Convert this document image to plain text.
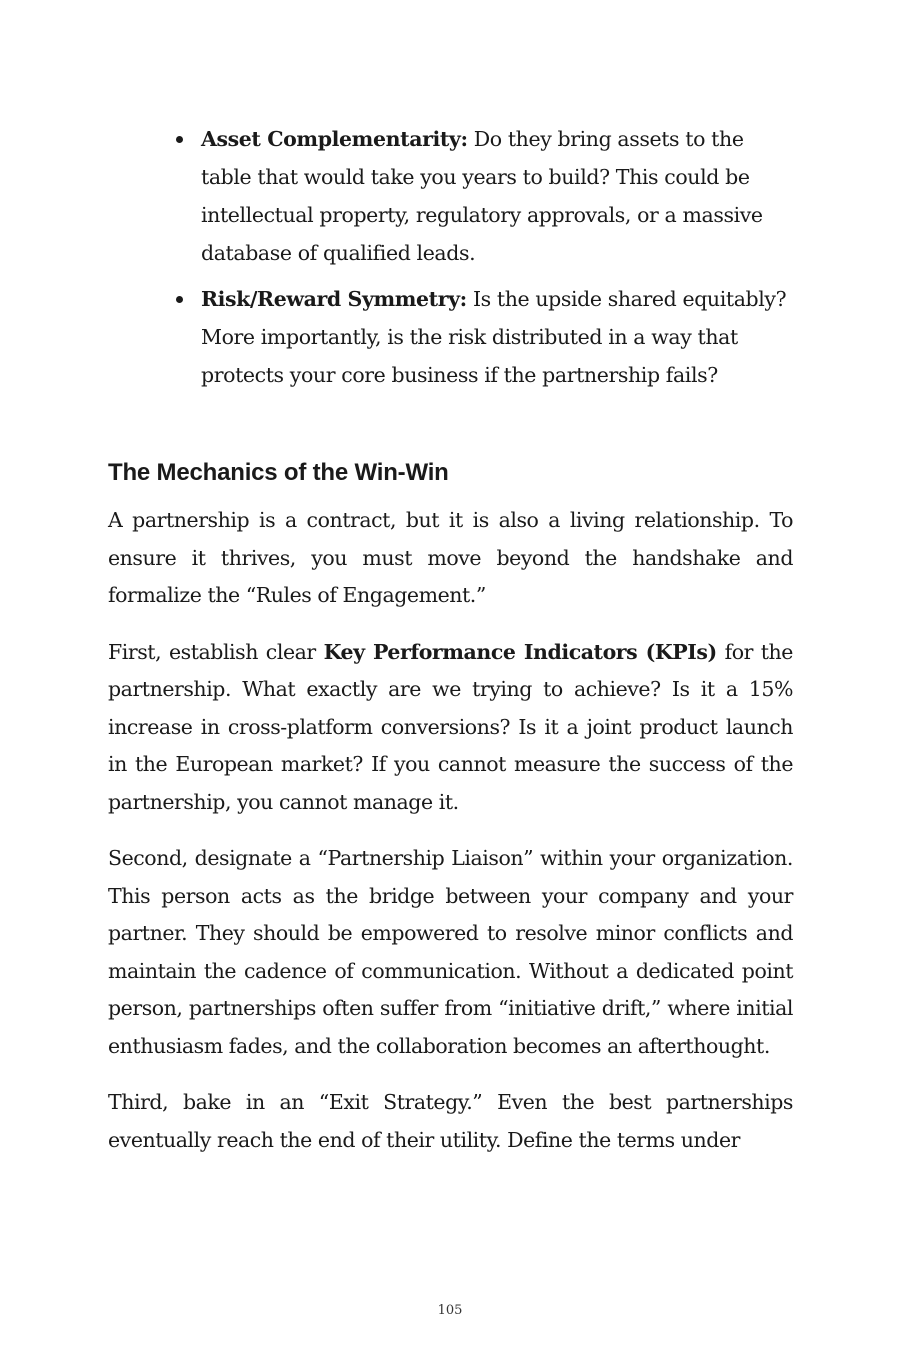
Asset Complementarity: Do they bring assets to the table that would take you years to build? This could be intellectual property, regulatory approvals, or a massive database of qualified leads.
Risk/Reward Symmetry: Is the upside shared equitably? More importantly, is the risk distributed in a way that protects your core business if the partnership fails?
The Mechanics of the Win-Win

A partnership is a contract, but it is also a living relationship. To ensure it thrives, you must move beyond the handshake and formalize the “Rules of Engagement.”

First, establish clear Key Performance Indicators (KPIs) for the partnership. What exactly are we trying to achieve? Is it a 15% increase in cross-platform conversions? Is it a joint product launch in the European market? If you cannot measure the success of the partnership, you cannot manage it.

Second, designate a “Partnership Liaison” within your organization. This person acts as the bridge between your company and your partner. They should be empowered to resolve minor conflicts and maintain the cadence of communication. Without a dedicated point person, partnerships often suffer from “initiative drift,” where initial enthusiasm fades, and the collaboration becomes an afterthought.

Third, bake in an “Exit Strategy.” Even the best partnerships eventually reach the end of their utility. Define the terms under

105
